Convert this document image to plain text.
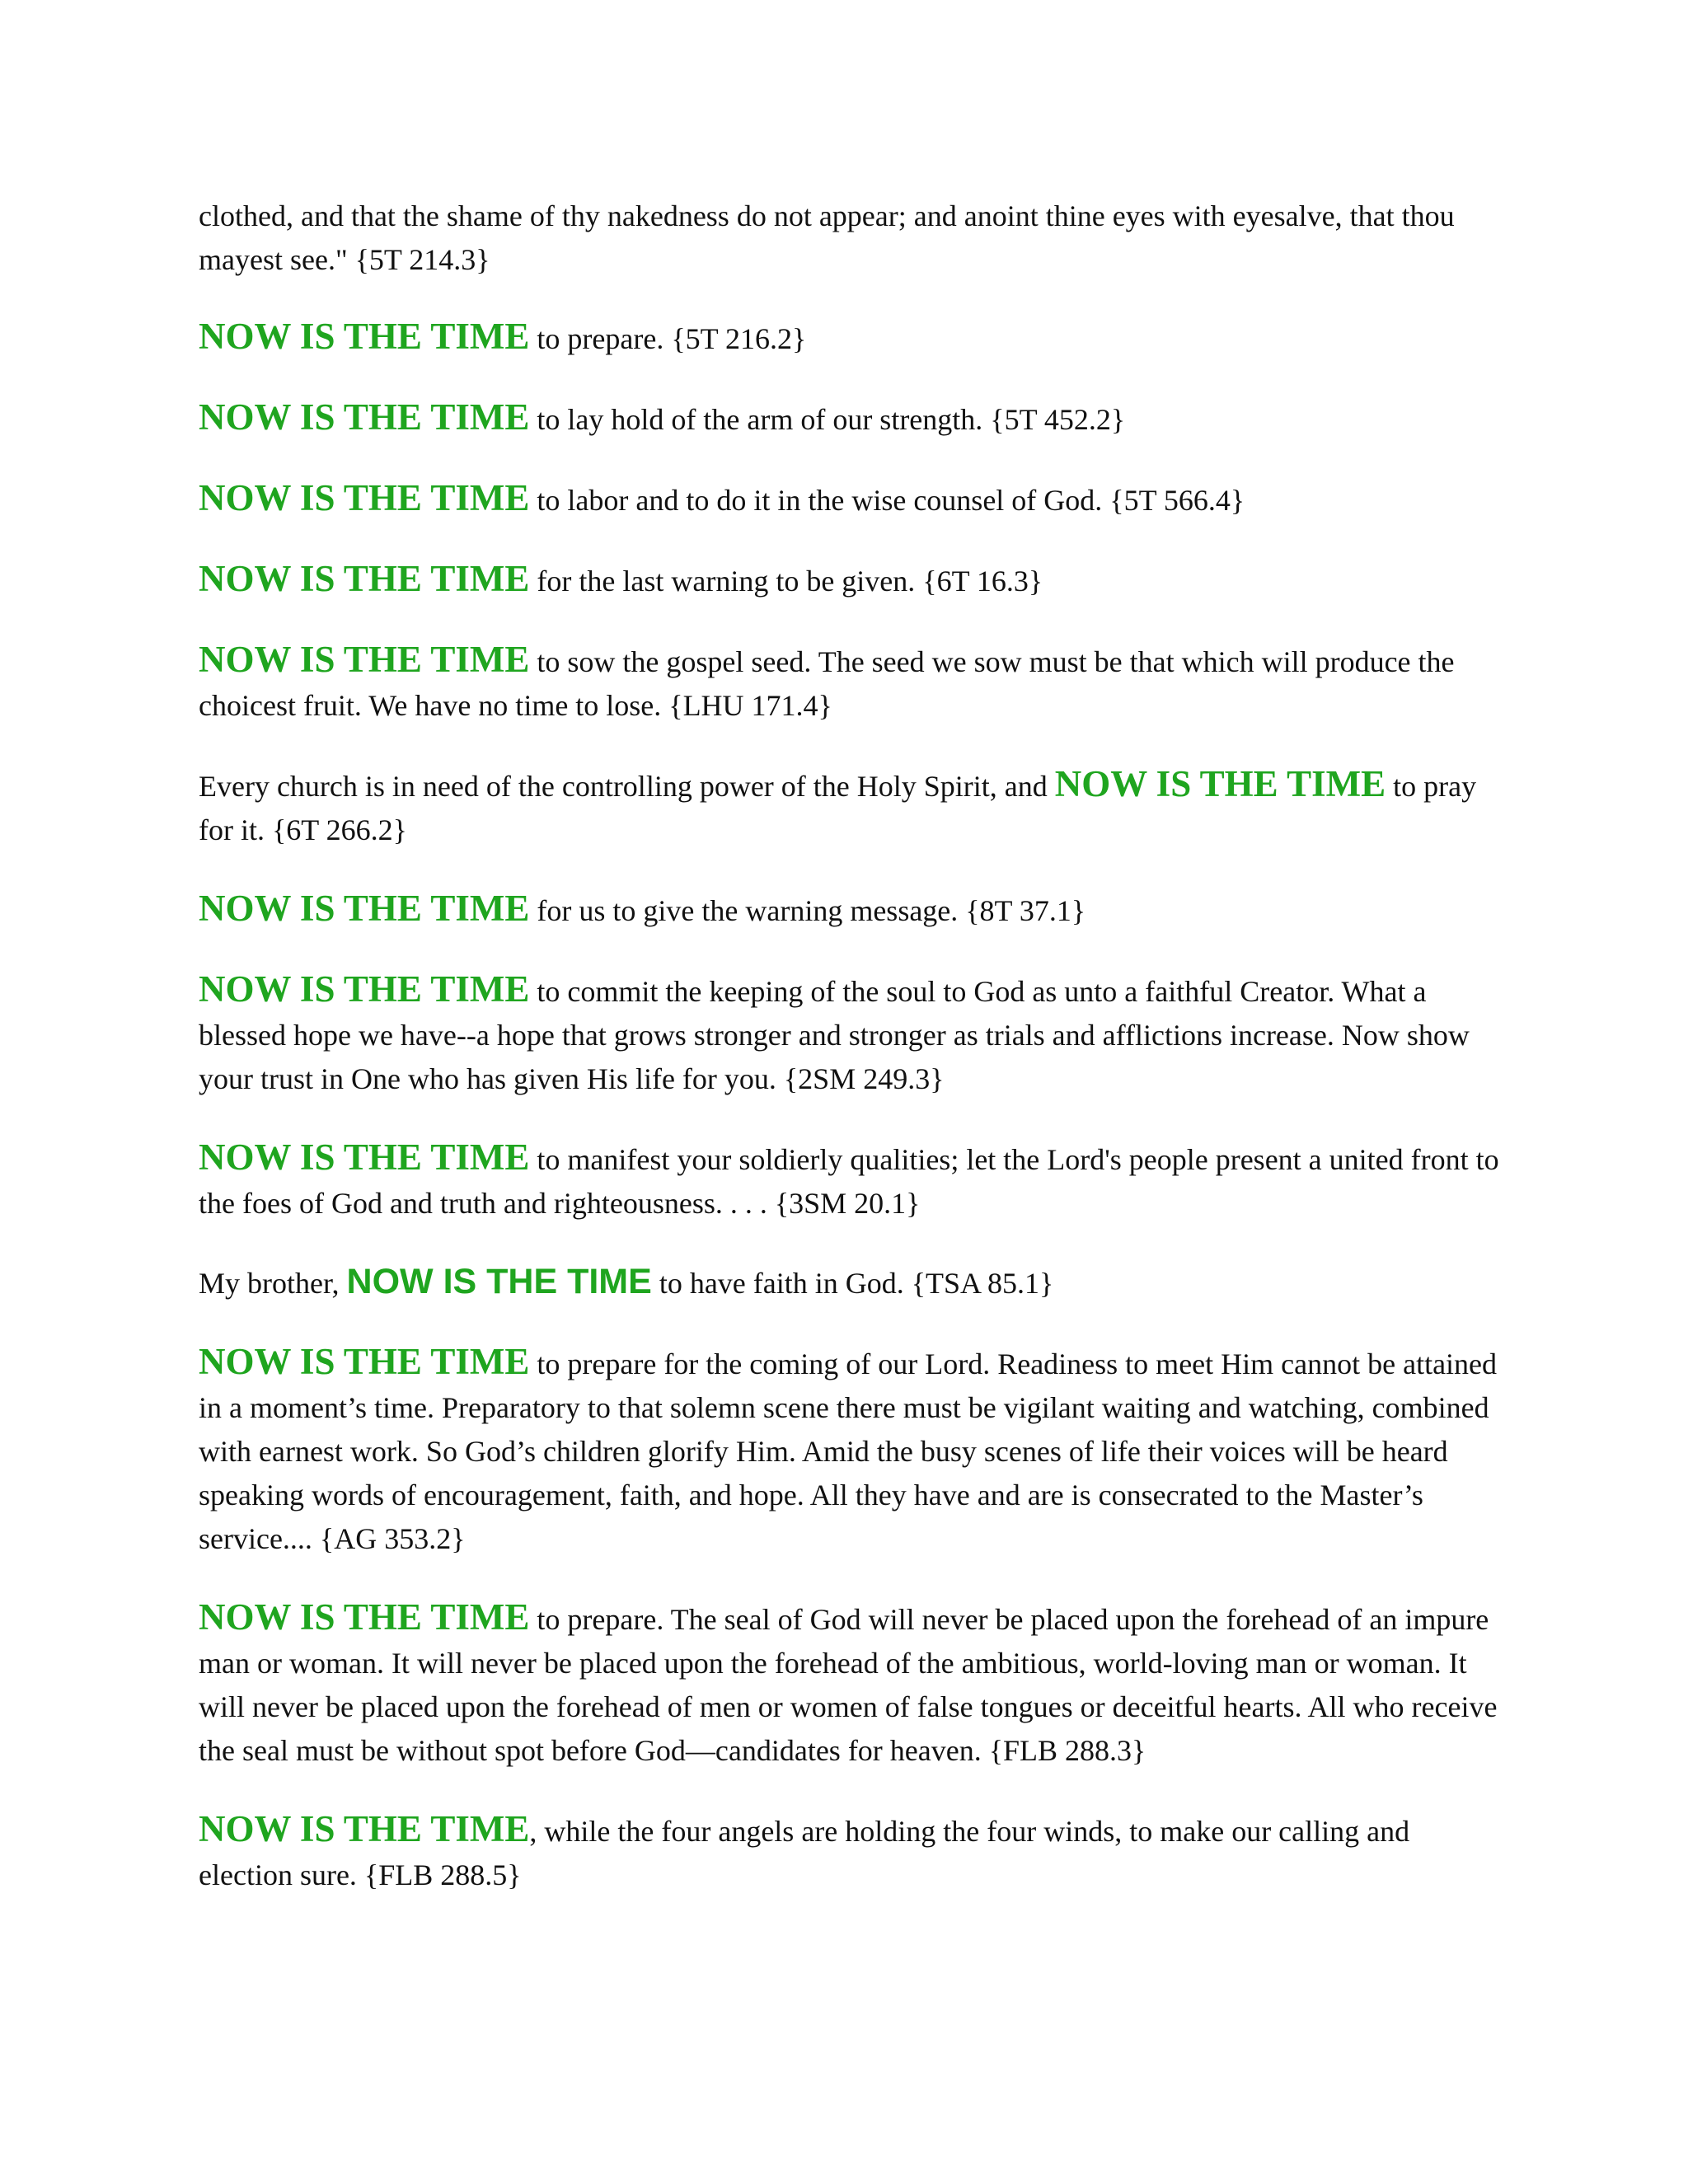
clothed, and that the shame of thy nakedness do not appear; and anoint thine eyes with eyesalve, that thou mayest see." {5T 214.3}

NOW IS THE TIME to prepare. {5T 216.2}

NOW IS THE TIME to lay hold of the arm of our strength. {5T 452.2}

NOW IS THE TIME to labor and to do it in the wise counsel of God. {5T 566.4}

NOW IS THE TIME for the last warning to be given. {6T 16.3}

NOW IS THE TIME to sow the gospel seed. The seed we sow must be that which will produce the choicest fruit. We have no time to lose. {LHU 171.4}

Every church is in need of the controlling power of the Holy Spirit, and NOW IS THE TIME to pray for it. {6T 266.2}

NOW IS THE TIME for us to give the warning message. {8T 37.1}

NOW IS THE TIME to commit the keeping of the soul to God as unto a faithful Creator. What a blessed hope we have--a hope that grows stronger and stronger as trials and afflictions increase. Now show your trust in One who has given His life for you. {2SM 249.3}

NOW IS THE TIME to manifest your soldierly qualities; let the Lord's people present a united front to the foes of God and truth and righteousness. . . . {3SM 20.1}

My brother, NOW IS THE TIME to have faith in God. {TSA 85.1}

NOW IS THE TIME to prepare for the coming of our Lord. Readiness to meet Him cannot be attained in a moment’s time. Preparatory to that solemn scene there must be vigilant waiting and watching, combined with earnest work. So God’s children glorify Him. Amid the busy scenes of life their voices will be heard speaking words of encouragement, faith, and hope. All they have and are is consecrated to the Master’s service.... {AG 353.2}

NOW IS THE TIME to prepare. The seal of God will never be placed upon the forehead of an impure man or woman. It will never be placed upon the forehead of the ambitious, world-loving man or woman. It will never be placed upon the forehead of men or women of false tongues or deceitful hearts. All who receive the seal must be without spot before God—candidates for heaven. {FLB 288.3}

NOW IS THE TIME, while the four angels are holding the four winds, to make our calling and election sure. {FLB 288.5}
